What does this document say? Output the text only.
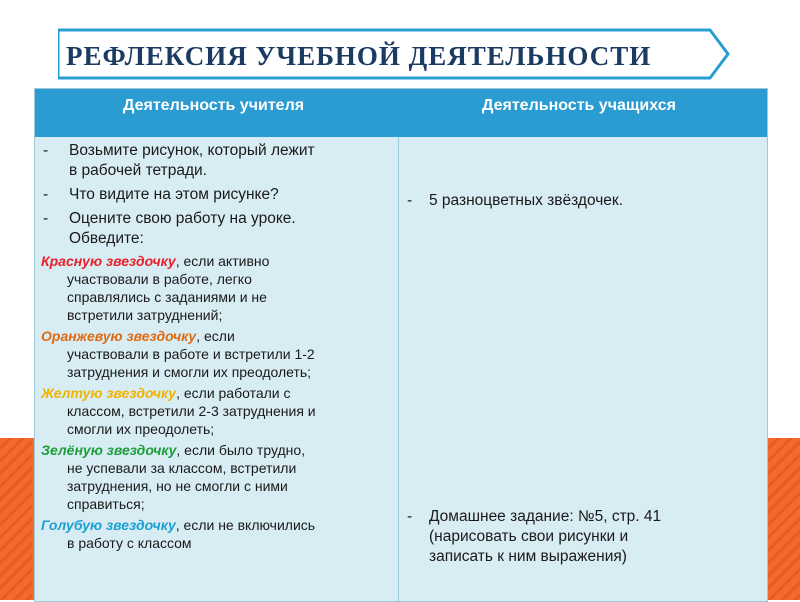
РЕФЛЕКСИЯ УЧЕБНОЙ ДЕЯТЕЛЬНОСТИ
Деятельность учителя	Деятельность учащихся
- Возьмите рисунок, который лежит
в рабочей тетради.
- Что видите на этом рисунке?
- Оцените свою работу на уроке.
Обведите:
Красную звездочку, если активно
участвовали в работе, легко
справлялись с заданиями и не
встретили затруднений;
Оранжевую звездочку, если
участвовали в работе и встретили 1-2
затруднения и смогли их преодолеть;
Желтую звездочку, если работали с
классом, встретили 2-3 затруднения и
смогли их преодолеть;
Зелёную звездочку, если было трудно,
не успевали за классом, встретили
затруднения, но не смогли с ними
справиться;
Голубую звездочку, если не включились
в работу с классом
- 5 разноцветных звёздочек.
- Домашнее задание: №5, стр. 41
(нарисовать свои рисунки и
записать к ним выражения)
